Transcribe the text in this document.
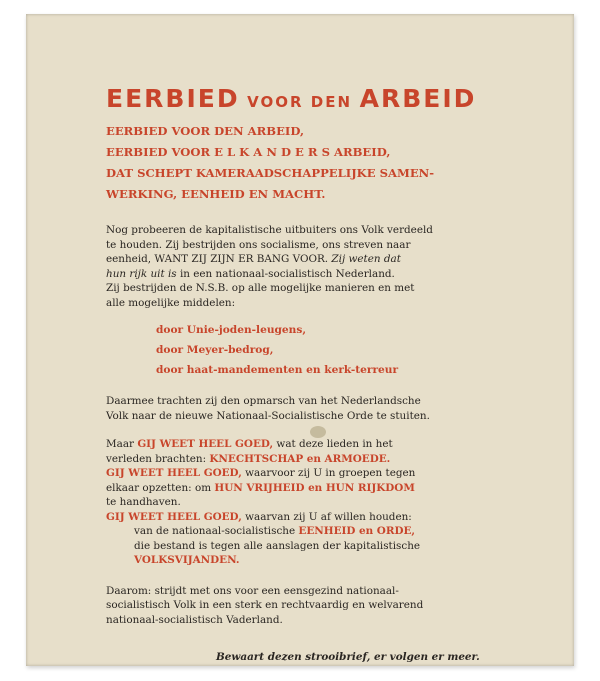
EERBIED VOOR DEN ARBEID
EERBIED VOOR DEN ARBEID,
EERBIED VOOR E L K A N D E R S ARBEID,
DAT SCHEPT KAMERAADSCHAPPELIJKE SAMEN-
WERKING, EENHEID EN MACHT.
Nog probeeren de kapitalistische uitbuiters ons Volk verdeeld
te houden. Zij bestrijden ons socialisme, ons streven naar
eenheid, WANT ZIJ ZIJN ER BANG VOOR. Zij weten dat
hun rijk uit is in een nationaal-socialistisch Nederland.
Zij bestrijden de N.S.B. op alle mogelijke manieren en met
alle mogelijke middelen:
door Unie-joden-leugens,
door Meyer-bedrog,
door haat-mandementen en kerk-terreur
Daarmee trachten zij den opmarsch van het Nederlandsche
Volk naar de nieuwe Nationaal-Socialistische Orde te stuiten.
Maar GIJ WEET HEEL GOED, wat deze lieden in het
verleden brachten: KNECHTSCHAP en ARMOEDE.
GIJ WEET HEEL GOED, waarvoor zij U in groepen tegen
elkaar opzetten: om HUN VRIJHEID en HUN RIJKDOM
te handhaven.
GIJ WEET HEEL GOED, waarvan zij U af willen houden:
van de nationaal-socialistische EENHEID en ORDE,
die bestand is tegen alle aanslagen der kapitalistische
VOLKSVIJANDEN.
Daarom: strijdt met ons voor een eensgezind nationaal-
socialistisch Volk in een sterk en rechtvaardig en welvarend
nationaal-socialistisch Vaderland.
Bewaart dezen strooibrief, er volgen er meer.
